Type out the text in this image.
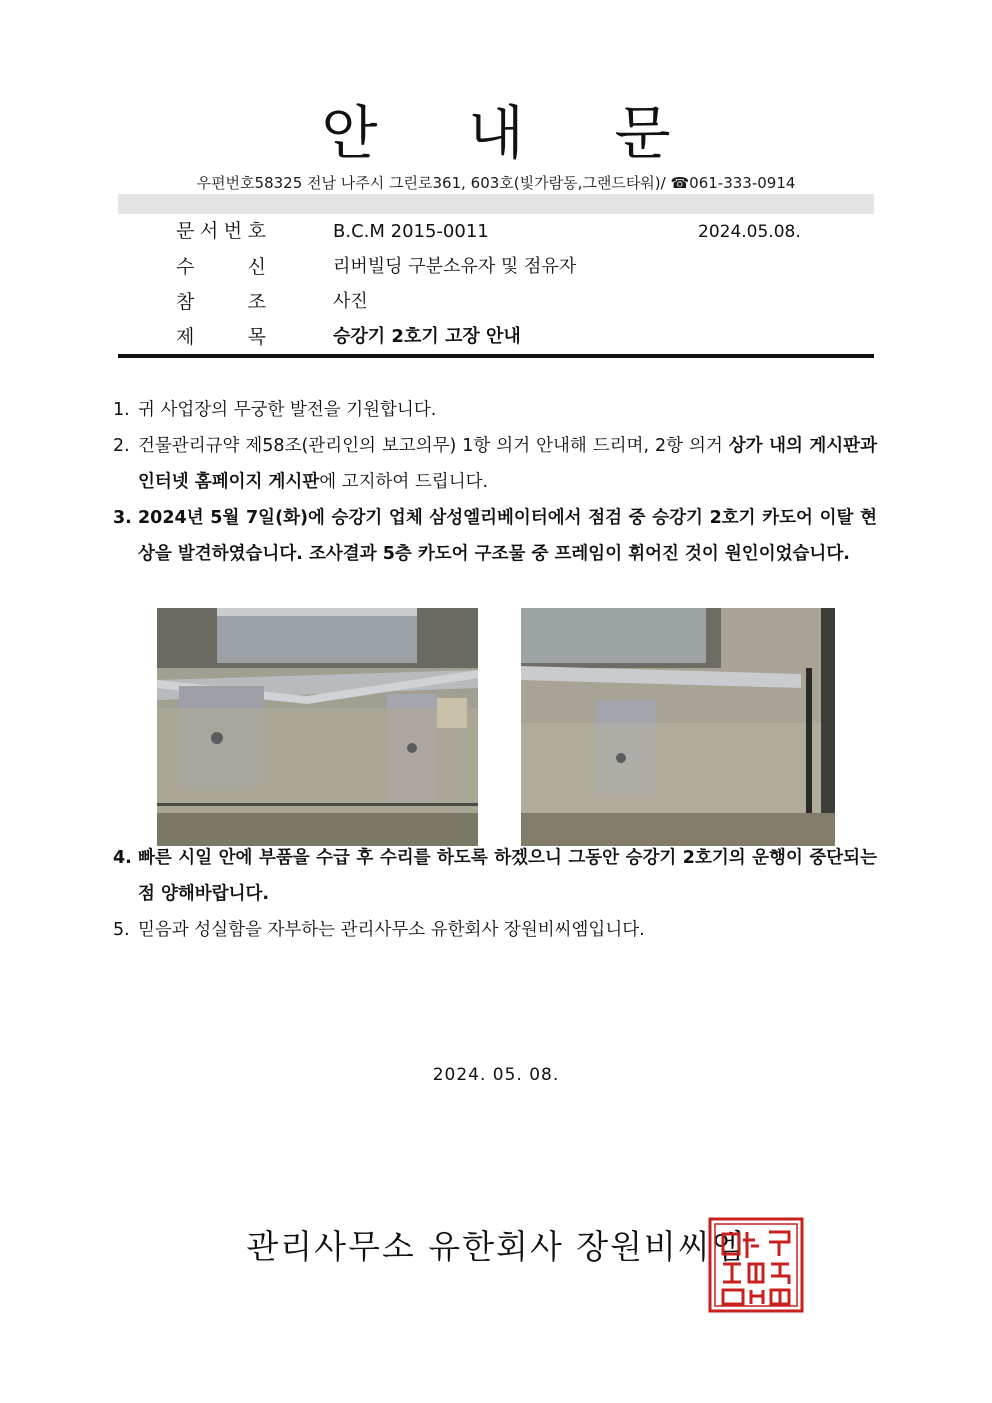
안 내 문
우편번호58325 전남 나주시 그린로361, 603호(빛가람동,그랜드타워)/ ☎061-333-0914
문 서 번 호	B.C.M 2015-0011	2024.05.08.
수	신	리버빌딩 구분소유자 및 점유자
참	조	사진
제	목	승강기 2호기 고장 안내
1. 귀 사업장의 무궁한 발전을 기원합니다.
2. 건물관리규약 제58조(관리인의 보고의무) 1항 의거 안내해 드리며, 2항 의거 상가 내의 게시판과 인터넷 홈페이지 게시판에 고지하여 드립니다.
3. 2024년 5월 7일(화)에 승강기 업체 삼성엘리베이터에서 점검 중 승강기 2호기 카도어 이탈 현상을 발견하였습니다. 조사결과 5층 카도어 구조물 중 프레임이 휘어진 것이 원인이었습니다.
4. 빠른 시일 안에 부품을 수급 후 수리를 하도록 하겠으니 그동안 승강기 2호기의 운행이 중단되는 점 양해바랍니다.
5. 믿음과 성실함을 자부하는 관리사무소 유한회사 장원비씨엠입니다.
2024. 05. 08.
관리사무소 유한회사 장원비씨엠
